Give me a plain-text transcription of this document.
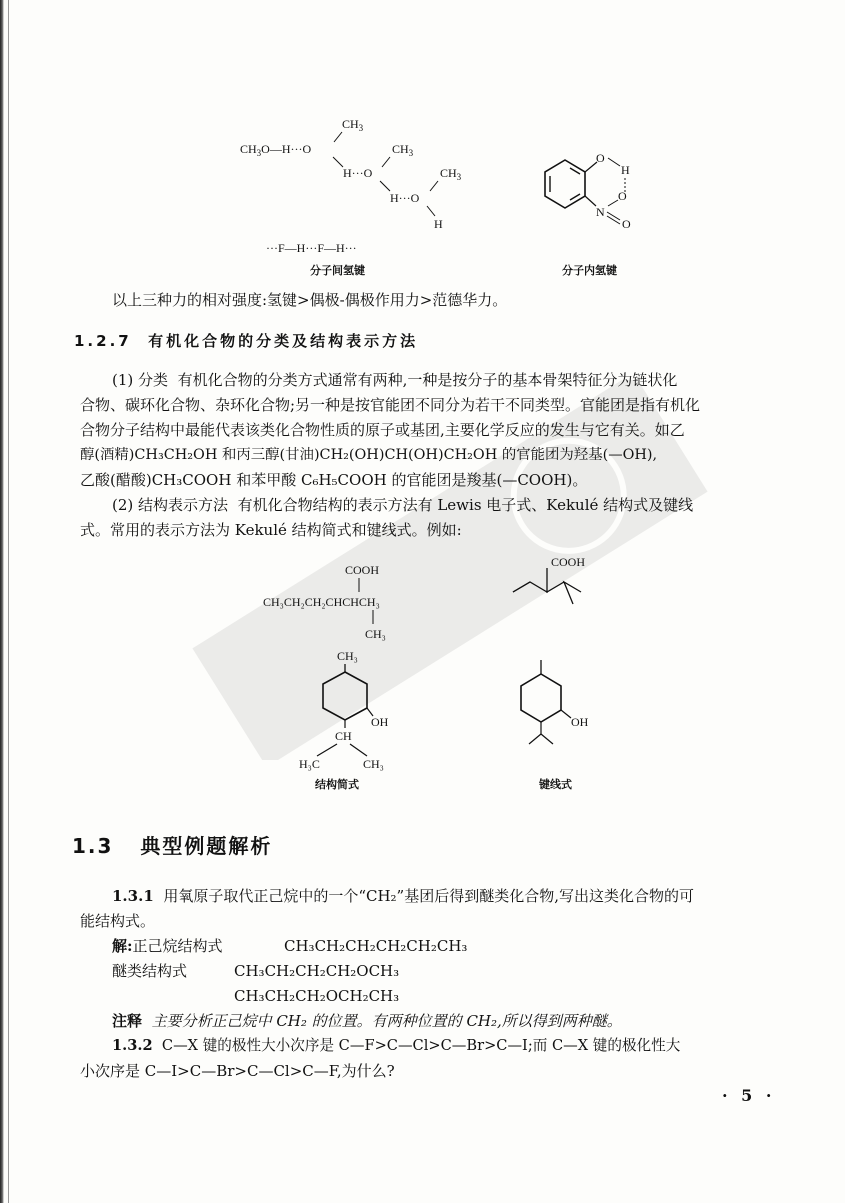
$CH_3$
$CH_3O—H\cdot\cdot\cdot O$	$CH_3$
H···O	$CH_3$
H···O
H
···F—H···F—H···
分子间氢键
O
H
N
O
O
分子内氢键

以上三种力的相对强度:氢键>偶极-偶极作用力>范德华力。

1.2.7 有机化合物的分类及结构表示方法

(1) 分类 有机化合物的分类方式通常有两种,一种是按分子的基本骨架特征分为链状化

合物、碳环化合物、杂环化合物;另一种是按官能团不同分为若干不同类型。官能团是指有机化

合物分子结构中最能代表该类化合物性质的原子或基团,主要化学反应的发生与它有关。如乙

醇(酒精)CH₃CH₂OH 和丙三醇(甘油)CH₂(OH)CH(OH)CH₂OH 的官能团为羟基(—OH),

乙酸(醋酸)CH₃COOH 和苯甲酸 C₆H₅COOH 的官能团是羧基(—COOH)。

(2) 结构表示方法 有机化合物结构的表示方法有 Lewis 电子式、Kekulé 结构式及键线

式。常用的表示方法为 Kekulé 结构简式和键线式。例如:

COOH
CH₃CH₂CH₂CHCHCH₃
CH₃
COOH
CH₃
OH
CH
H₃C	CH₃
结构简式
OH
键线式
1.3 典型例题解析

1.3.1 用氧原子取代正己烷中的一个“CH₂”基团后得到醚类化合物,写出这类化合物的可

能结构式。

解:正己烷结构式	CH₃CH₂CH₂CH₂CH₂CH₃

醚类结构式	CH₃CH₂CH₂CH₂OCH₃

CH₃CH₂CH₂OCH₂CH₃

注释 主要分析正己烷中 CH₂ 的位置。有两种位置的 CH₂,所以得到两种醚。

1.3.2 C—X 键的极性大小次序是 C—F>C—Cl>C—Br>C—I;而 C—X 键的极化性大

小次序是 C—I>C—Br>C—Cl>C—F,为什么?

· 5 ·
